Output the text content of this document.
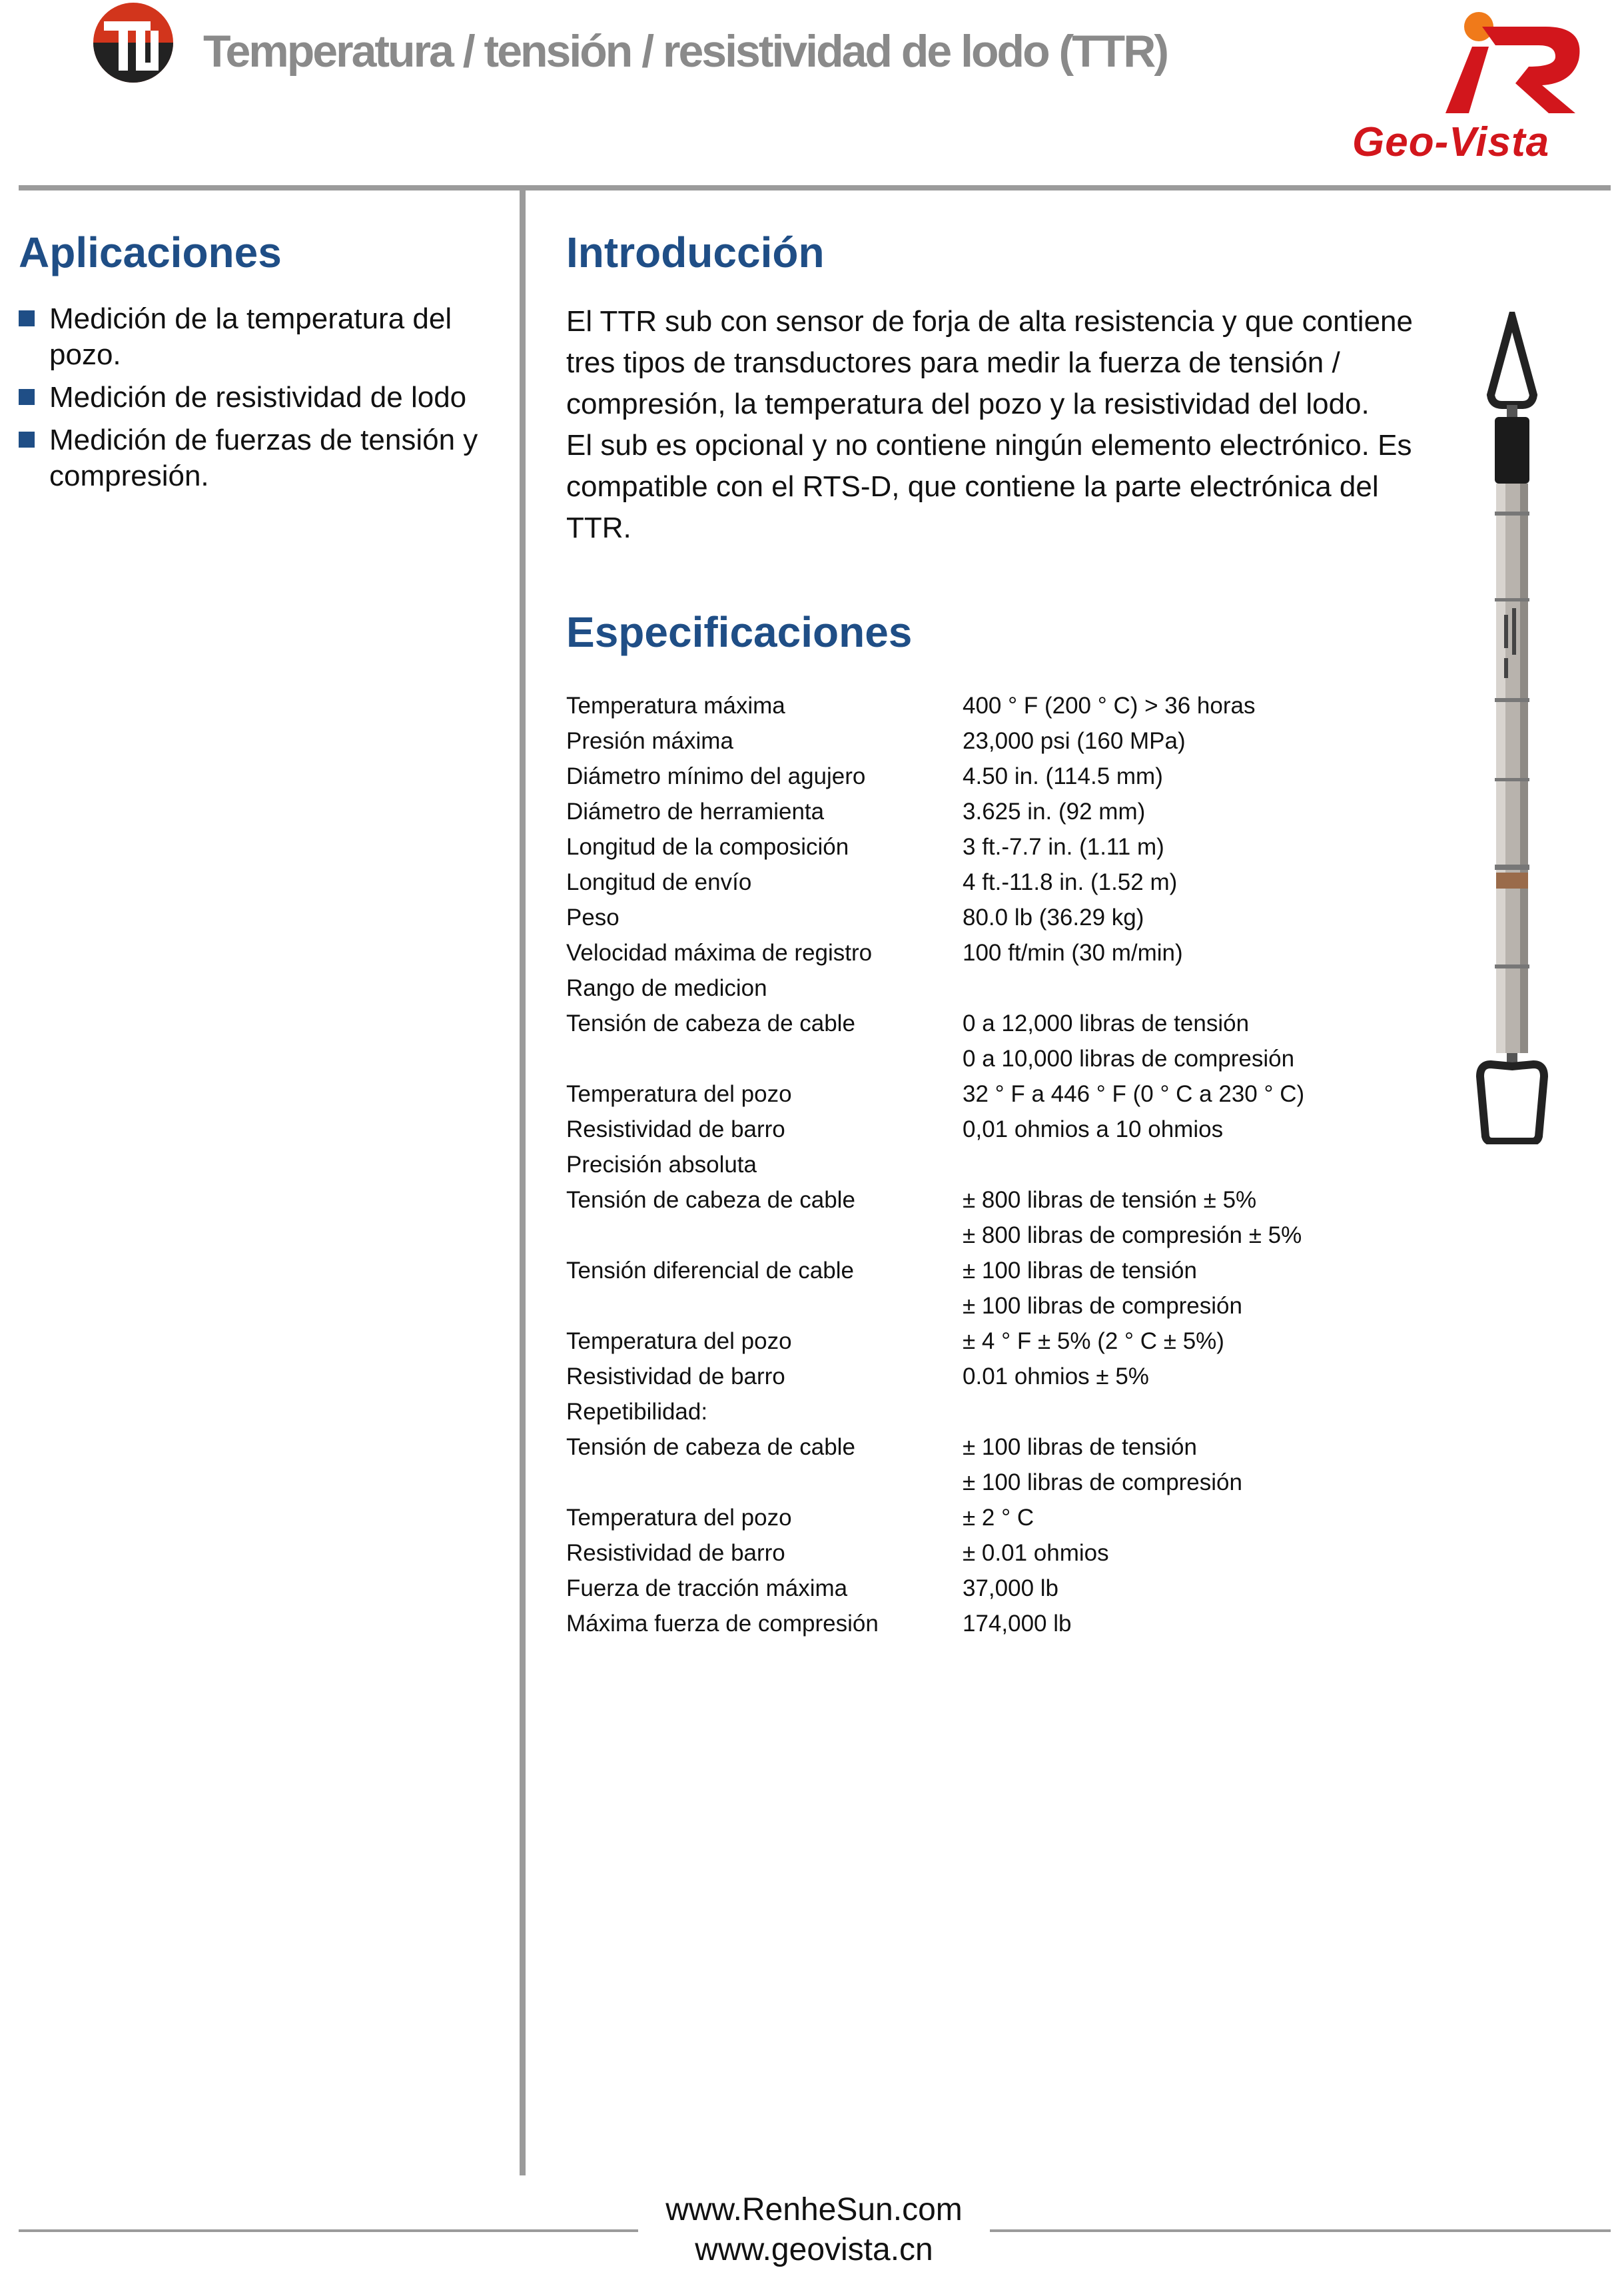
Temperatura / tensión / resistividad de lodo (TTR)
Geo-Vista
Aplicaciones
Medición de la temperatura del pozo.
Medición de resistividad de lodo
Medición de fuerzas de tensión y compresión.
Introducción

El TTR sub con sensor de forja de alta resistencia y que contiene tres tipos de transductores para medir la fuerza de tensión / compresión, la temperatura del pozo y la resistividad del lodo.

El sub es opcional y no contiene ningún elemento electrónico. Es compatible con el RTS-D, que contiene la parte electrónica del TTR.

Especificaciones
Temperatura máxima	400 ° F (200 ° C) > 36 horas
Presión máxima	23,000 psi (160 MPa)
Diámetro mínimo del agujero	4.50 in. (114.5 mm)
Diámetro de herramienta	3.625 in. (92 mm)
Longitud de la composición	3 ft.-7.7 in. (1.11 m)
Longitud de envío	4 ft.-11.8 in. (1.52 m)
Peso	80.0 lb (36.29 kg)
Velocidad máxima de registro	100 ft/min (30 m/min)
Rango de medicion	
Tensión de cabeza de cable	0 a 12,000 libras de tensión
	0 a 10,000 libras de compresión
Temperatura del pozo	32 ° F a 446 ° F (0 ° C a 230 ° C)
Resistividad de barro	0,01 ohmios a 10 ohmios
Precisión absoluta	
Tensión de cabeza de cable	± 800 libras de tensión ± 5%
	± 800 libras de compresión ± 5%
Tensión diferencial de cable	± 100 libras de tensión
	± 100 libras de compresión
Temperatura del pozo	± 4 ° F ± 5% (2 ° C ± 5%)
Resistividad de barro	0.01 ohmios ± 5%
Repetibilidad:	
Tensión de cabeza de cable	± 100 libras de tensión
	± 100 libras de compresión
Temperatura del pozo	± 2 ° C
Resistividad de barro	± 0.01 ohmios
Fuerza de tracción máxima	37,000 lb
Máxima fuerza de compresión	174,000 lb
www.RenheSun.com
www.geovista.cn
